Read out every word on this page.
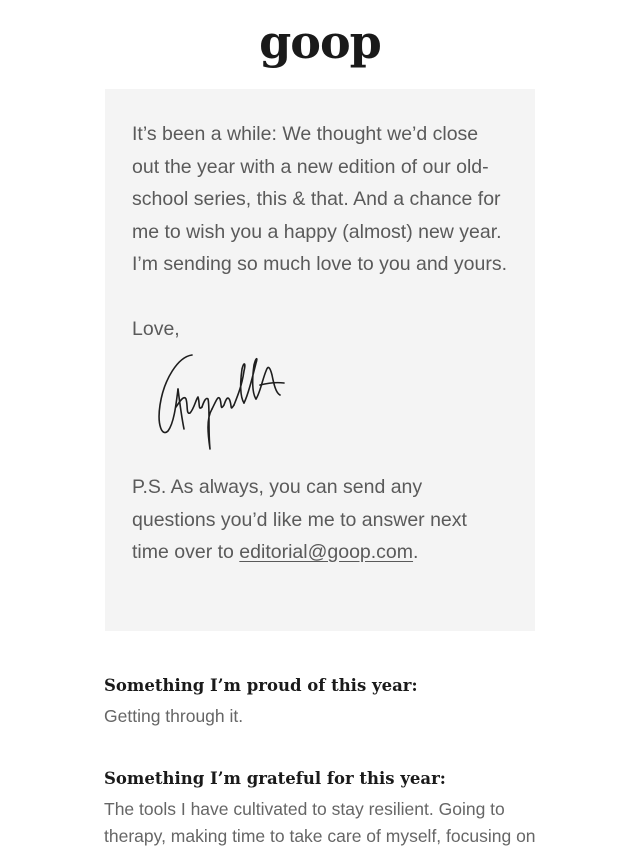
goop

It’s been a while: We thought we’d close out the year with a new edition of our old-school series, this & that. And a chance for me to wish you a happy (almost) new year. I’m sending so much love to you and yours.

Love,

P.S. As always, you can send any questions you’d like me to answer next time over to editorial@goop.com.

Something I’m proud of this year:

Getting through it.

Something I’m grateful for this year:

The tools I have cultivated to stay resilient. Going to therapy, making time to take care of myself, focusing on
